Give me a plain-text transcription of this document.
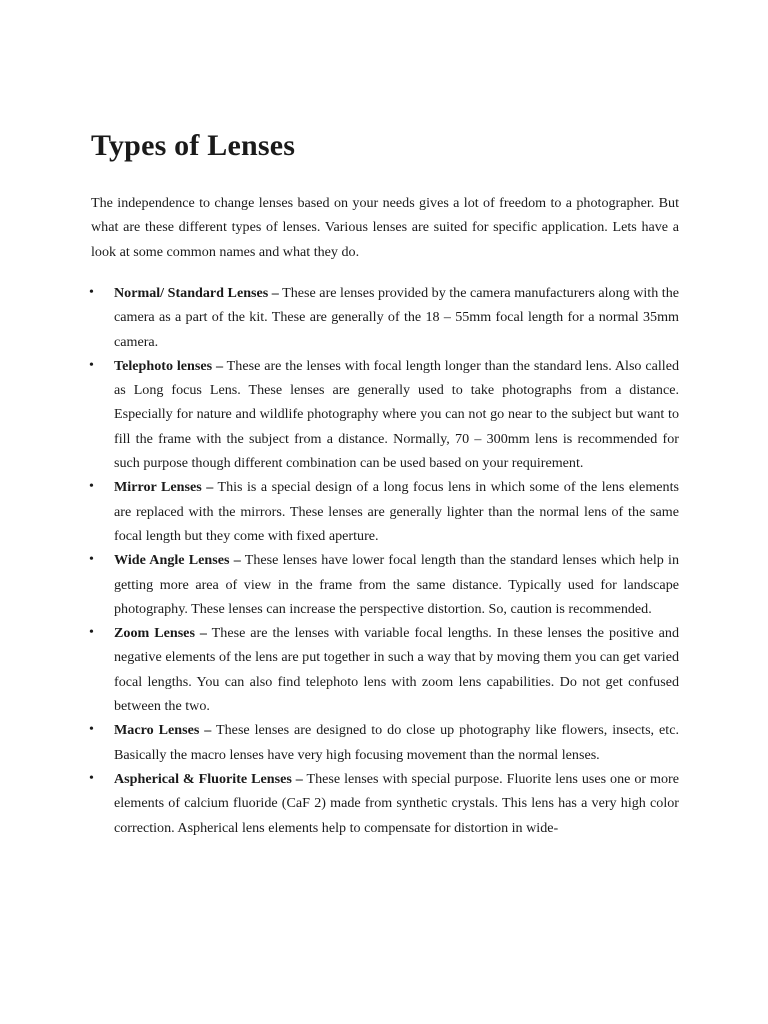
Types of Lenses

The independence to change lenses based on your needs gives a lot of freedom to a photographer. But what are these different types of lenses. Various lenses are suited for specific application. Lets have a look at some common names and what they do.

• Normal/ Standard Lenses – These are lenses provided by the camera manufacturers along with the camera as a part of the kit. These are generally of the 18 – 55mm focal length for a normal 35mm camera.
• Telephoto lenses – These are the lenses with focal length longer than the standard lens. Also called as Long focus Lens. These lenses are generally used to take photographs from a distance. Especially for nature and wildlife photography where you can not go near to the subject but want to fill the frame with the subject from a distance. Normally, 70 – 300mm lens is recommended for such purpose though different combination can be used based on your requirement.
• Mirror Lenses – This is a special design of a long focus lens in which some of the lens elements are replaced with the mirrors. These lenses are generally lighter than the normal lens of the same focal length but they come with fixed aperture.
• Wide Angle Lenses – These lenses have lower focal length than the standard lenses which help in getting more area of view in the frame from the same distance. Typically used for landscape photography. These lenses can increase the perspective distortion. So, caution is recommended.
• Zoom Lenses – These are the lenses with variable focal lengths. In these lenses the positive and negative elements of the lens are put together in such a way that by moving them you can get varied focal lengths. You can also find telephoto lens with zoom lens capabilities. Do not get confused between the two.
• Macro Lenses – These lenses are designed to do close up photography like flowers, insects, etc. Basically the macro lenses have very high focusing movement than the normal lenses.
• Aspherical & Fluorite Lenses – These lenses with special purpose. Fluorite lens uses one or more elements of calcium fluoride (CaF 2) made from synthetic crystals. This lens has a very high color correction. Aspherical lens elements help to compensate for distortion in wide-
